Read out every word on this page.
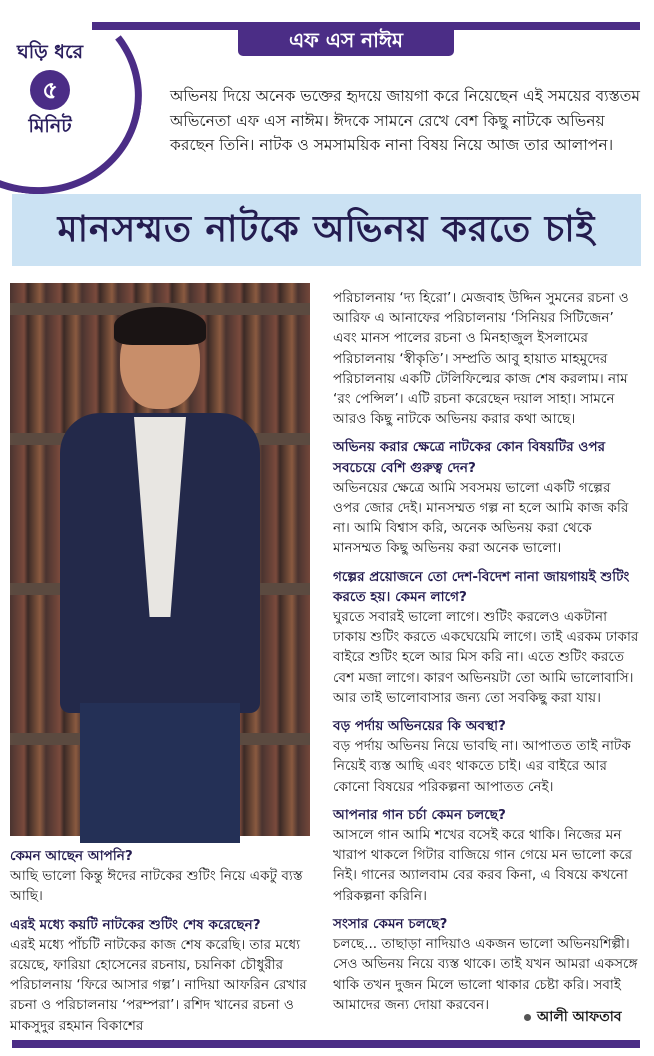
এফ এস নাঈম
ঘড়ি ধরে
৫
মিনিট
অভিনয় দিয়ে অনেক ভক্তের হৃদয়ে জায়গা করে নিয়েছেন এই সময়ের ব্যস্ততম অভিনেতা এফ এস নাঈম। ঈদকে সামনে রেখে বেশ কিছু নাটকে অভিনয় করছেন তিনি। নাটক ও সমসাময়িক নানা বিষয় নিয়ে আজ তার আলাপন।
মানসম্মত নাটকে অভিনয় করতে চাই

পরিচালনায় ‘দ্য হিরো’। মেজবাহ উদ্দিন সুমনের রচনা ও আরিফ এ আনাফের পরিচালনায় ‘সিনিয়র সিটিজেন’ এবং মানস পালের রচনা ও মিনহাজুল ইসলামের পরিচালনায় ‘স্বীকৃতি’। সম্প্রতি আবু হায়াত মাহমুদের পরিচালনায় একটি টেলিফিল্মের কাজ শেষ করলাম। নাম ‘রং পেন্সিল’। এটি রচনা করেছেন দয়াল সাহা। সামনে আরও কিছু নাটকে অভিনয় করার কথা আছে।

অভিনয় করার ক্ষেত্রে নাটকের কোন বিষয়টির ওপর সবচেয়ে বেশি গুরুত্ব দেন?
অভিনয়ের ক্ষেত্রে আমি সবসময় ভালো একটি গল্পের ওপর জোর দেই। মানসম্মত গল্প না হলে আমি কাজ করি না। আমি বিশ্বাস করি, অনেক অভিনয় করা থেকে মানসম্মত কিছু অভিনয় করা অনেক ভালো।

গল্পের প্রয়োজনে তো দেশ-বিদেশ নানা জায়গায়ই শুটিং করতে হয়। কেমন লাগে?
ঘুরতে সবারই ভালো লাগে। শুটিং করলেও একটানা ঢাকায় শুটিং করতে একঘেয়েমি লাগে। তাই এরকম ঢাকার বাইরে শুটিং হলে আর মিস করি না। এতে শুটিং করতে বেশ মজা লাগে। কারণ অভিনয়টা তো আমি ভালোবাসি। আর তাই ভালোবাসার জন্য তো সবকিছু করা যায়।

বড় পর্দায় অভিনয়ের কি অবস্থা?
বড় পর্দায় অভিনয় নিয়ে ভাবছি না। আপাতত তাই নাটক নিয়েই ব্যস্ত আছি এবং থাকতে চাই। এর বাইরে আর কোনো বিষয়ের পরিকল্পনা আপাতত নেই।

আপনার গান চর্চা কেমন চলছে?
আসলে গান আমি শখের বসেই করে থাকি। নিজের মন খারাপ থাকলে গিটার বাজিয়ে গান গেয়ে মন ভালো করে নিই। গানের অ্যালবাম বের করব কিনা, এ বিষয়ে কখনো পরিকল্পনা করিনি।

সংসার কেমন চলছে?
চলছে... তাছাড়া নাদিয়াও একজন ভালো অভিনয়শিল্পী। সেও অভিনয় নিয়ে ব্যস্ত থাকে। তাই যখন আমরা একসঙ্গে থাকি তখন দুজন মিলে ভালো থাকার চেষ্টা করি। সবাই আমাদের জন্য দোয়া করবেন।

কেমন আছেন আপনি?
আছি ভালো কিন্তু ঈদের নাটকের শুটিং নিয়ে একটু ব্যস্ত আছি।

এরই মধ্যে কয়টি নাটকের শুটিং শেষ করেছেন?
এরই মধ্যে পাঁচটি নাটকের কাজ শেষ করেছি। তার মধ্যে রয়েছে, ফারিয়া হোসেনের রচনায়, চয়নিকা চৌধুরীর পরিচালনায় ‘ফিরে আসার গল্প’। নাদিয়া আফরিন রেখার রচনা ও পরিচালনায় ‘পরম্পরা’। রশিদ খানের রচনা ও মাকসুদুর রহমান বিকাশের

আলী আফতাব
